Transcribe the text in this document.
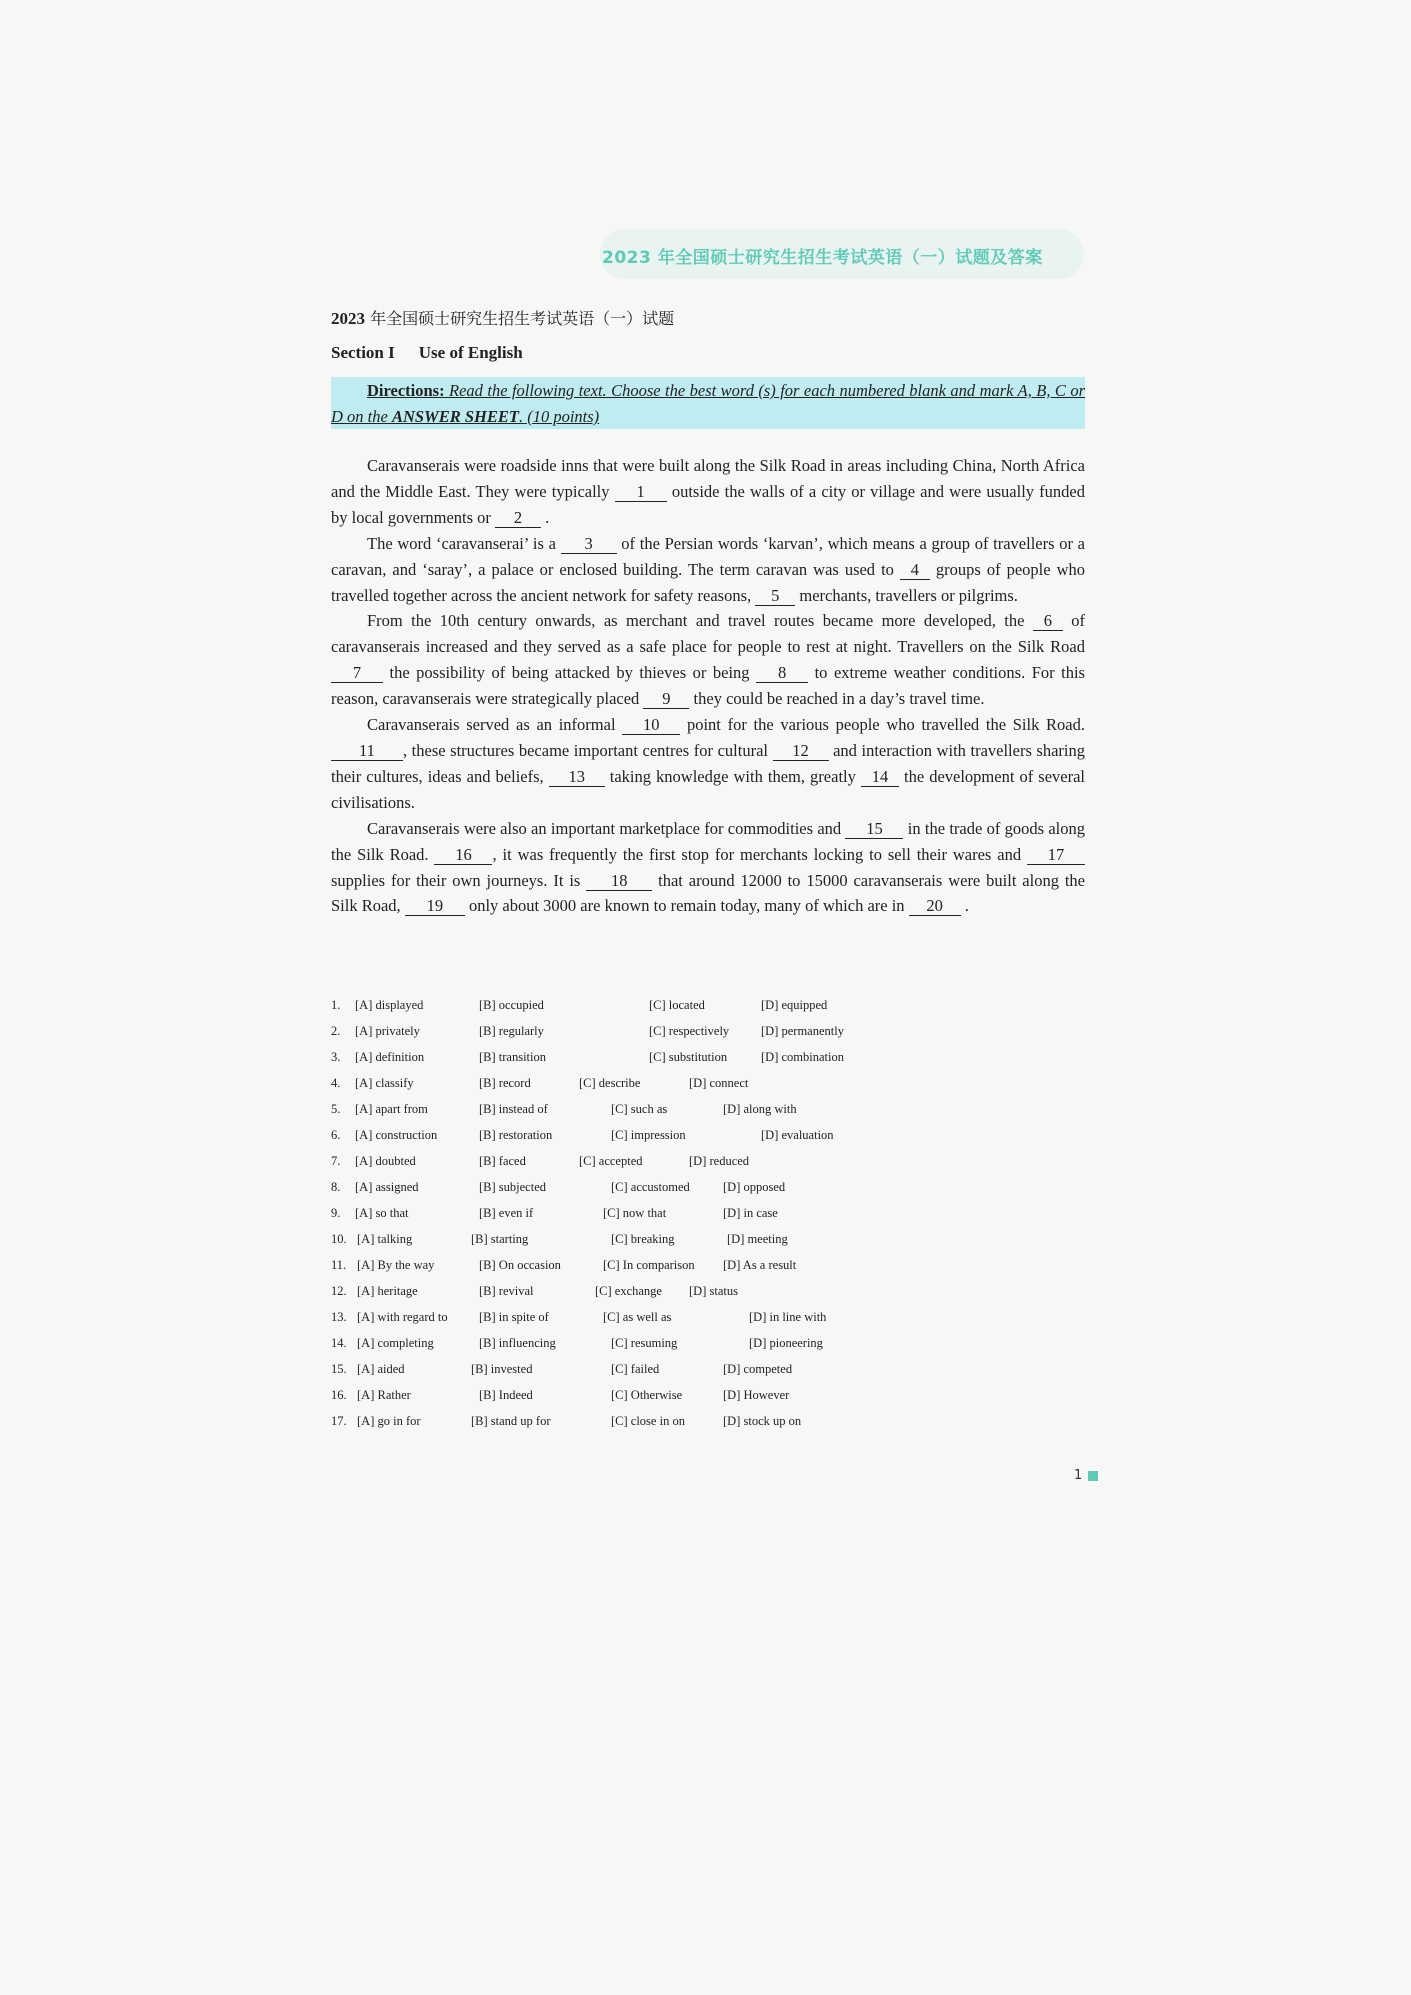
2023 年全国硕士研究生招生考试英语（一）试题及答案
2023 年全国硕士研究生招生考试英语（一）试题
Section I Use of English
Directions: Read the following text. Choose the best word (s) for each numbered blank and mark A, B, C or D on the ANSWER SHEET. (10 points)

Caravanserais were roadside inns that were built along the Silk Road in areas including China, North Africa and the Middle East. They were typically 1 outside the walls of a city or village and were usually funded by local governments or 2 .

The word ‘caravanserai’ is a 3 of the Persian words ‘karvan’, which means a group of travellers or a caravan, and ‘saray’, a palace or enclosed building. The term caravan was used to 4 groups of people who travelled together across the ancient network for safety reasons, 5 merchants, travellers or pilgrims.

From the 10th century onwards, as merchant and travel routes became more developed, the 6 of caravanserais increased and they served as a safe place for people to rest at night. Travellers on the Silk Road 7 the possibility of being attacked by thieves or being 8 to extreme weather conditions. For this reason, caravanserais were strategically placed 9 they could be reached in a day’s travel time.

Caravanserais served as an informal 10 point for the various people who travelled the Silk Road. 11 , these structures became important centres for cultural 12 and interaction with travellers sharing their cultures, ideas and beliefs, 13 taking knowledge with them, greatly 14 the development of several civilisations.

Caravanserais were also an important marketplace for commodities and 15 in the trade of goods along the Silk Road. 16 , it was frequently the first stop for merchants locking to sell their wares and 17 supplies for their own journeys. It is 18 that around 12000 to 15000 caravanserais were built along the Silk Road, 19 only about 3000 are known to remain today, many of which are in 20 .

1. [A] displayed	[B] occupied	[C] located	[D] equipped
2. [A] privately	[B] regularly	[C] respectively	[D] permanently
3. [A] definition	[B] transition	[C] substitution	[D] combination
4. [A] classify	[B] record	[C] describe	[D] connect
5. [A] apart from	[B] instead of	[C] such as	[D] along with
6. [A] construction	[B] restoration	[C] impression	[D] evaluation
7. [A] doubted	[B] faced	[C] accepted	[D] reduced
8. [A] assigned	[B] subjected	[C] accustomed	[D] opposed
9. [A] so that	[B] even if	[C] now that	[D] in case
10. [A] talking	[B] starting	[C] breaking	[D] meeting
11. [A] By the way	[B] On occasion	[C] In comparison [D] As a result
12. [A] heritage	[B] revival	[C] exchange [D] status
13. [A] with regard to	[B] in spite of	[C] as well as	[D] in line with
14. [A] completing	[B] influencing	[C] resuming	[D] pioneering
15. [A] aided	[B] invested	[C] failed	[D] competed
16. [A] Rather	[B] Indeed	[C] Otherwise	[D] However
17. [A] go in for	[B] stand up for	[C] close in on	[D] stock up on
1
